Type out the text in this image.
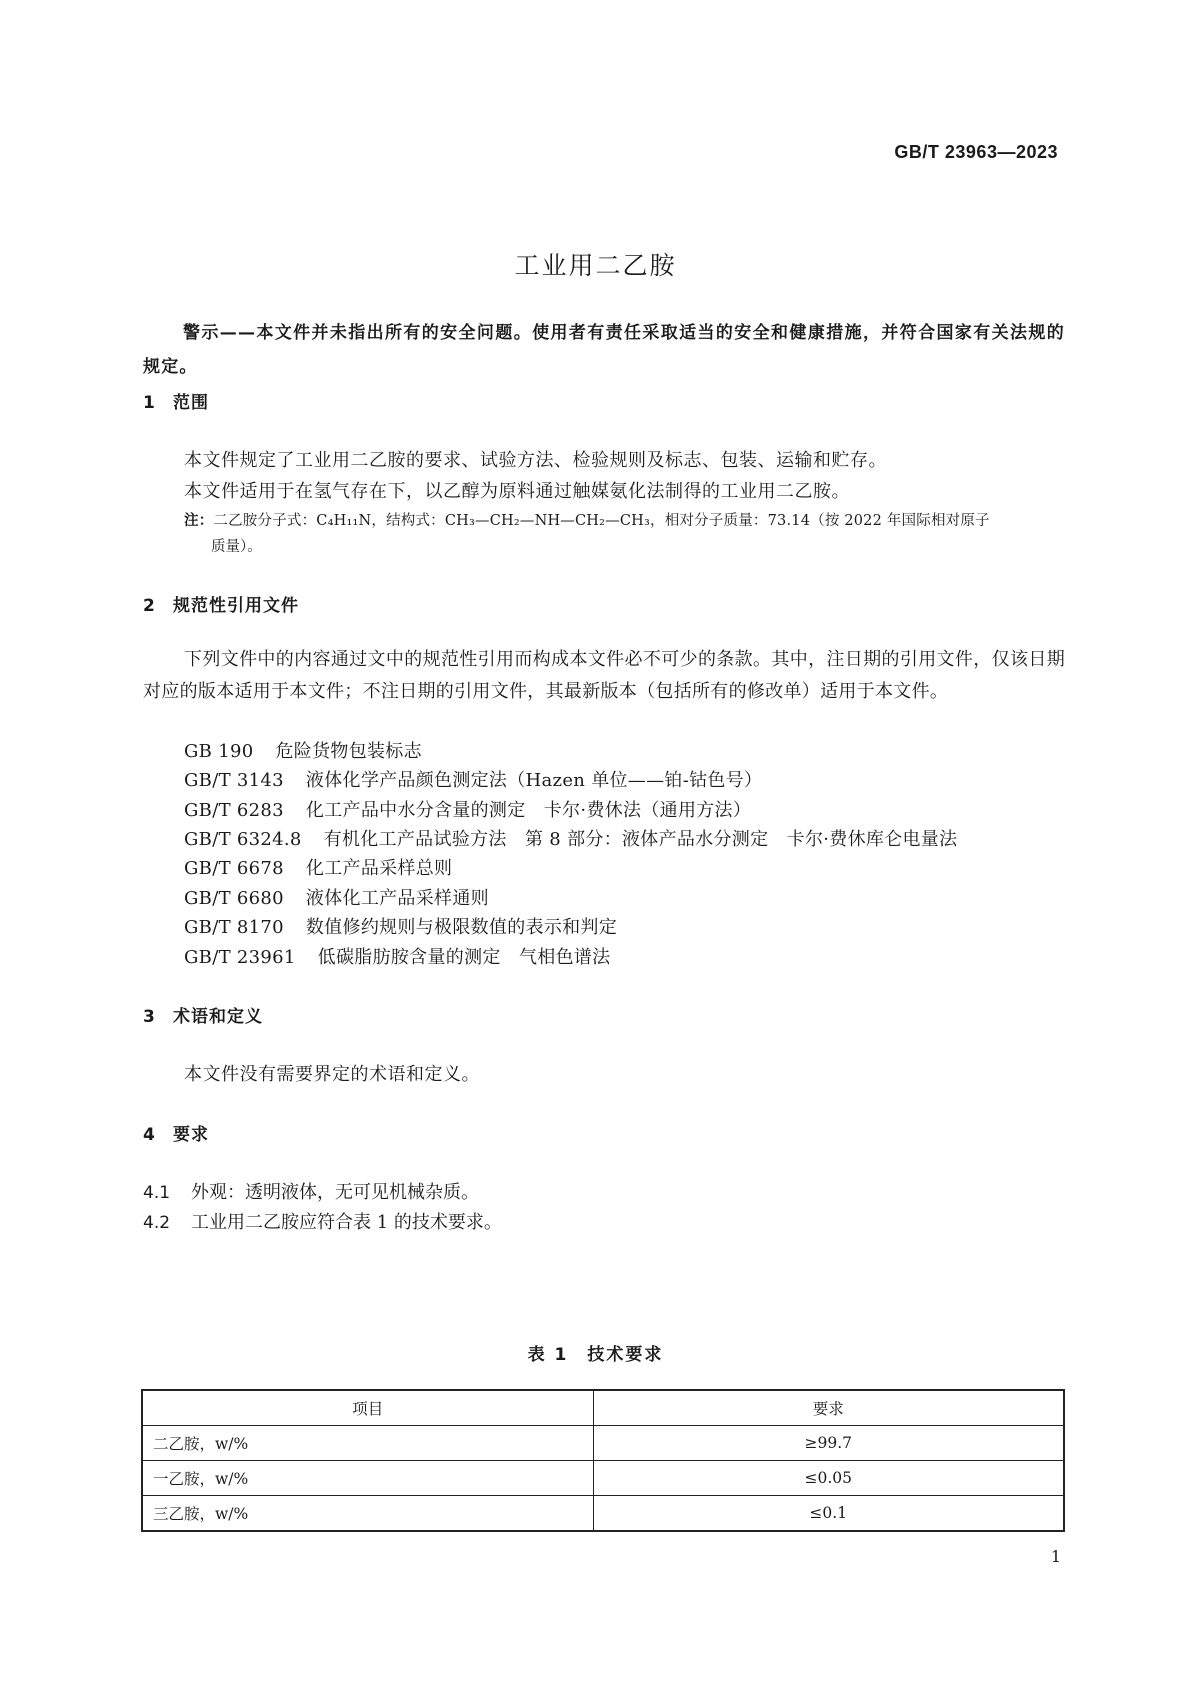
GB/T 23963—2023
工业用二乙胺
警示——本文件并未指出所有的安全问题。使用者有责任采取适当的安全和健康措施，并符合国家有关法规的规定。
1 范围
本文件规定了工业用二乙胺的要求、试验方法、检验规则及标志、包装、运输和贮存。
本文件适用于在氢气存在下，以乙醇为原料通过触媒氨化法制得的工业用二乙胺。
注：二乙胺分子式：C₄H₁₁N，结构式：CH₃—CH₂—NH—CH₂—CH₃，相对分子质量：73.14（按 2022 年国际相对原子
质量）。
2 规范性引用文件
下列文件中的内容通过文中的规范性引用而构成本文件必不可少的条款。其中，注日期的引用文件，仅该日期对应的版本适用于本文件；不注日期的引用文件，其最新版本（包括所有的修改单）适用于本文件。
GB 190 危险货物包装标志
GB/T 3143 液体化学产品颜色测定法（Hazen 单位——铂-钴色号）
GB/T 6283 化工产品中水分含量的测定　卡尔·费休法（通用方法）
GB/T 6324.8 有机化工产品试验方法　第 8 部分：液体产品水分测定　卡尔·费休库仑电量法
GB/T 6678 化工产品采样总则
GB/T 6680 液体化工产品采样通则
GB/T 8170 数值修约规则与极限数值的表示和判定
GB/T 23961 低碳脂肪胺含量的测定　气相色谱法
3 术语和定义
本文件没有需要界定的术语和定义。
4 要求
4.1 外观：透明液体，无可见机械杂质。
4.2 工业用二乙胺应符合表 1 的技术要求。
表 1　技术要求
项目	要求
二乙胺，w/%	≥99.7
一乙胺，w/%	≤0.05
三乙胺，w/%	≤0.1
1
